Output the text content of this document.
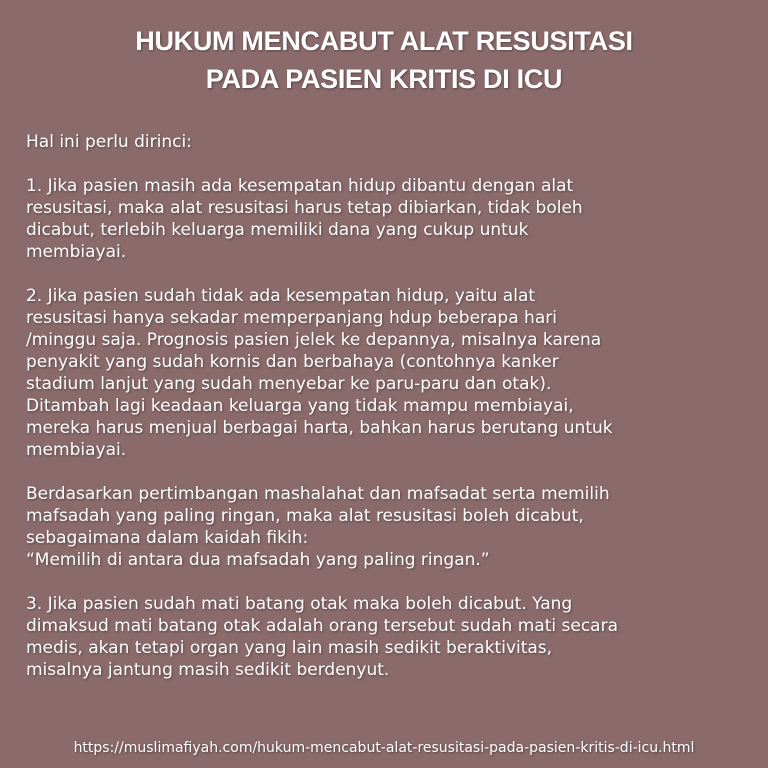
HUKUM MENCABUT ALAT RESUSITASI
PADA PASIEN KRITIS DI ICU

Hal ini perlu dirinci:

1. Jika pasien masih ada kesempatan hidup dibantu dengan alat
resusitasi, maka alat resusitasi harus tetap dibiarkan, tidak boleh
dicabut, terlebih keluarga memiliki dana yang cukup untuk
membiayai.

2. Jika pasien sudah tidak ada kesempatan hidup, yaitu alat
resusitasi hanya sekadar memperpanjang hdup beberapa hari
/minggu saja. Prognosis pasien jelek ke depannya, misalnya karena
penyakit yang sudah kornis dan berbahaya (contohnya kanker
stadium lanjut yang sudah menyebar ke paru-paru dan otak).
Ditambah lagi keadaan keluarga yang tidak mampu membiayai,
mereka harus menjual berbagai harta, bahkan harus berutang untuk
membiayai.

Berdasarkan pertimbangan mashalahat dan mafsadat serta memilih
mafsadah yang paling ringan, maka alat resusitasi boleh dicabut,
sebagaimana dalam kaidah fikih:
“Memilih di antara dua mafsadah yang paling ringan.”

3. Jika pasien sudah mati batang otak maka boleh dicabut. Yang
dimaksud mati batang otak adalah orang tersebut sudah mati secara
medis, akan tetapi organ yang lain masih sedikit beraktivitas,
misalnya jantung masih sedikit berdenyut.

https://muslimafiyah.com/hukum-mencabut-alat-resusitasi-pada-pasien-kritis-di-icu.html
